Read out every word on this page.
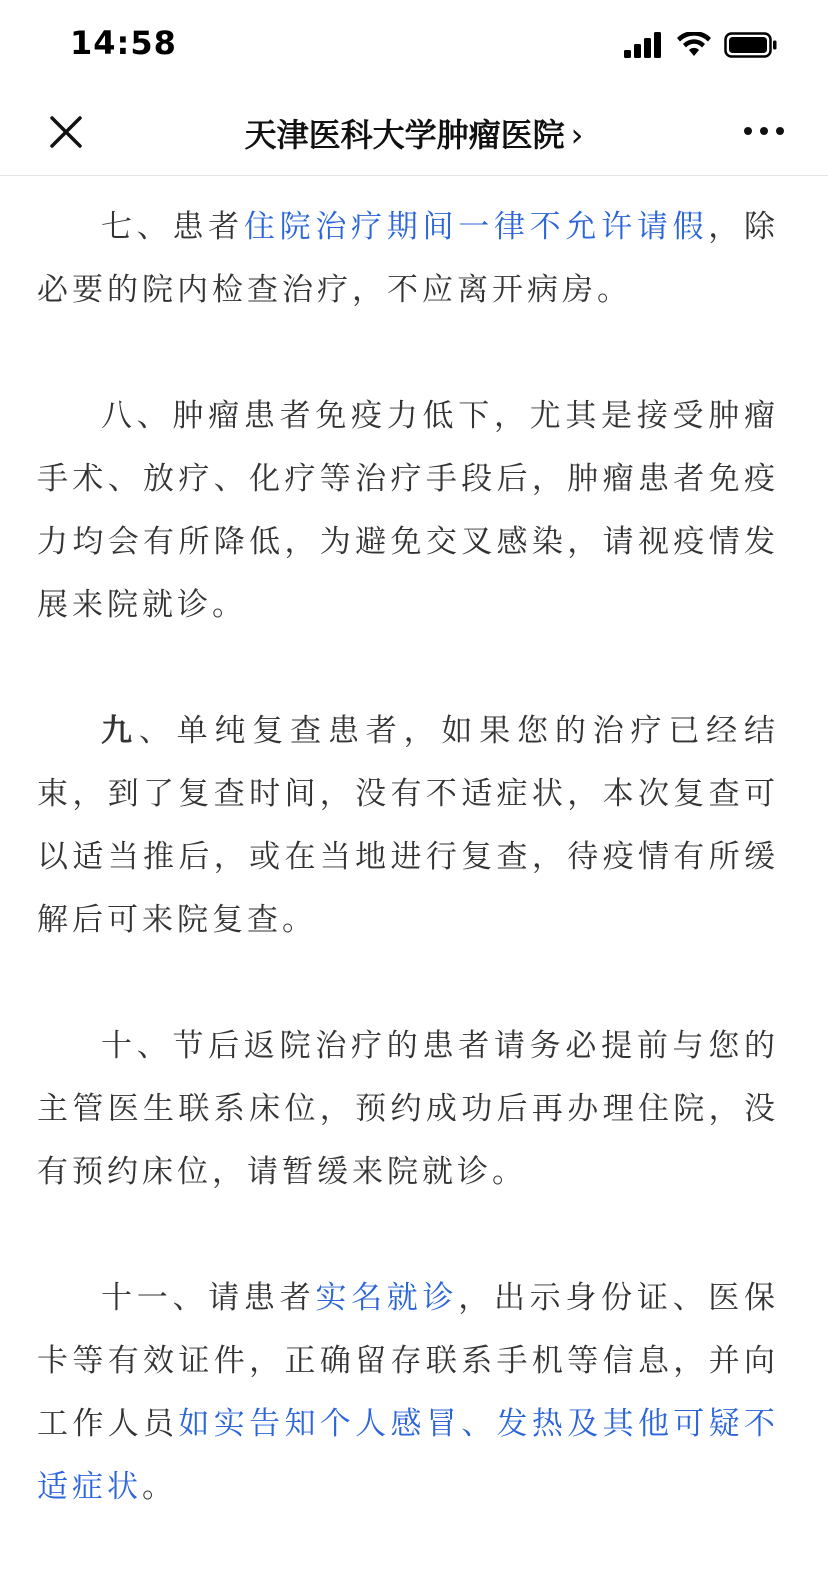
14:58
天津医科大学肿瘤医院 ›

七、患者住院治疗期间一律不允许请假，除必要的院内检查治疗，不应离开病房。

八、肿瘤患者免疫力低下，尤其是接受肿瘤手术、放疗、化疗等治疗手段后，肿瘤患者免疫力均会有所降低，为避免交叉感染，请视疫情发展来院就诊。

九、单纯复查患者，如果您的治疗已经结束，到了复查时间，没有不适症状，本次复查可以适当推后，或在当地进行复查，待疫情有所缓解后可来院复查。

十、节后返院治疗的患者请务必提前与您的主管医生联系床位，预约成功后再办理住院，没有预约床位，请暂缓来院就诊。

十一、请患者实名就诊，出示身份证、医保卡等有效证件，正确留存联系手机等信息，并向工作人员如实告知个人感冒、发热及其他可疑不适症状。
